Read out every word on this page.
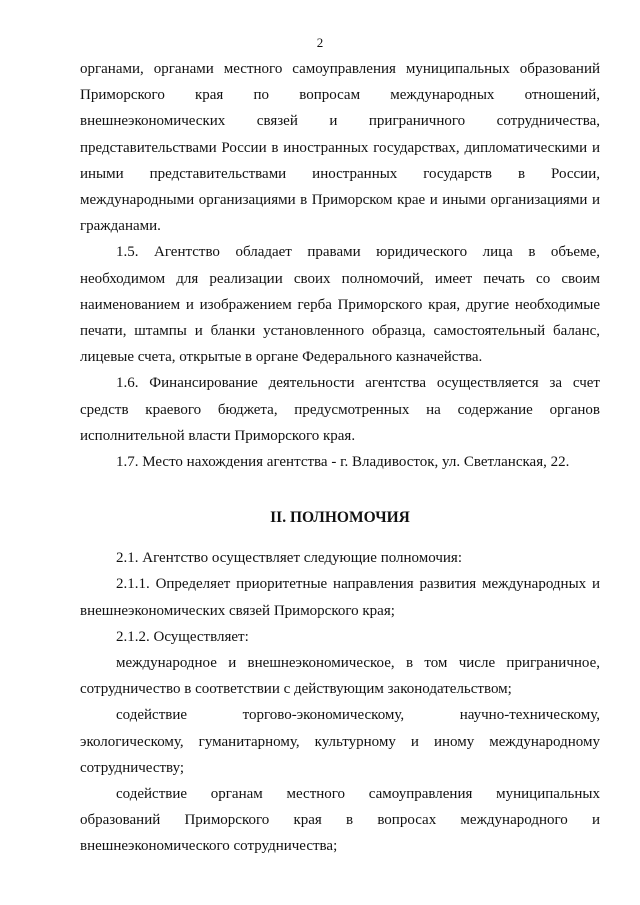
2

органами, органами местного самоуправления муниципальных образований Приморского края по вопросам международных отношений, внешнеэкономических связей и приграничного сотрудничества, представительствами России в иностранных государствах, дипломатическими и иными представительствами иностранных государств в России, международными организациями в Приморском крае и иными организациями и гражданами.

1.5. Агентство обладает правами юридического лица в объеме, необходимом для реализации своих полномочий, имеет печать со своим наименованием и изображением герба Приморского края, другие необходимые печати, штампы и бланки установленного образца, самостоятельный баланс, лицевые счета, открытые в органе Федерального казначейства.

1.6. Финансирование деятельности агентства осуществляется за счет средств краевого бюджета, предусмотренных на содержание органов исполнительной власти Приморского края.

1.7. Место нахождения агентства - г. Владивосток, ул. Светланская, 22.

II. ПОЛНОМОЧИЯ

2.1. Агентство осуществляет следующие полномочия:

2.1.1. Определяет приоритетные направления развития международных и внешнеэкономических связей Приморского края;

2.1.2. Осуществляет:

международное и внешнеэкономическое, в том числе приграничное, сотрудничество в соответствии с действующим законодательством;

содействие торгово-экономическому, научно-техническому, экологическому, гуманитарному, культурному и иному международному сотрудничеству;

содействие органам местного самоуправления муниципальных образований Приморского края в вопросах международного и внешнеэкономического сотрудничества;
